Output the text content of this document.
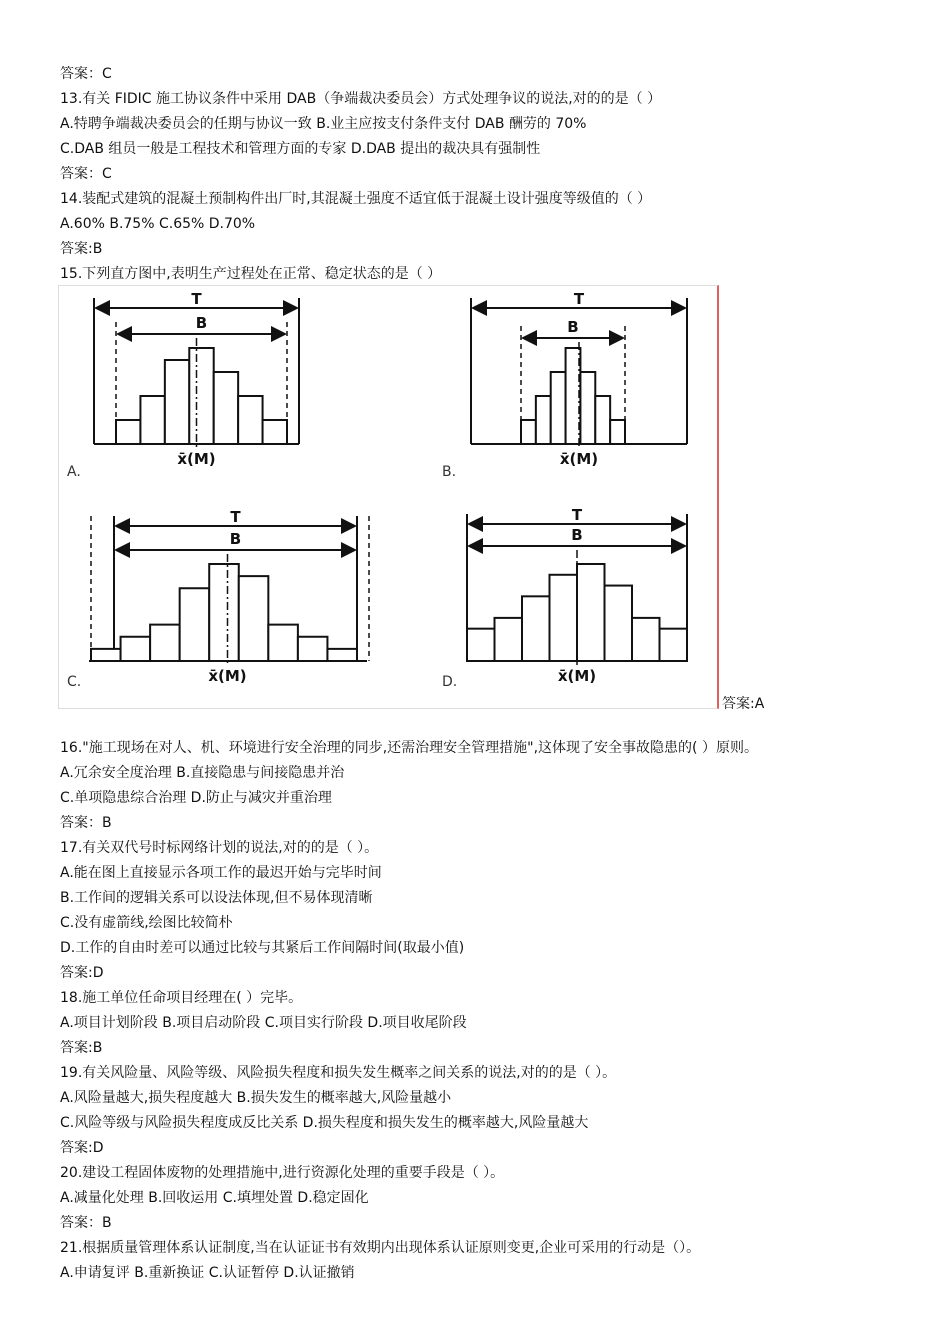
答案：C
13.有关 FIDIC 施工协议条件中采用 DAB（争端裁决委员会）方式处理争议的说法,对的的是（ ）
A.特聘争端裁决委员会的任期与协议一致 B.业主应按支付条件支付 DAB 酬劳的 70%
C.DAB 组员一般是工程技术和管理方面的专家 D.DAB 提出的裁决具有强制性
答案：C
14.装配式建筑的混凝土预制构件出厂时,其混凝土强度不适宜低于混凝土设计强度等级值的（ ）
A.60% B.75% C.65% D.70%
答案:B
15.下列直方图中,表明生产过程处在正常、稳定状态的是（ ）
T
B
x̄(M)
A.
T
B
x̄(M)
B.
T
B
x̄(M)
C.
T
B
x̄(M)
D.
答案:A
16."施工现场在对人、机、环境进行安全治理的同步,还需治理安全管理措施",这体现了安全事故隐患的( ）原则。
A.冗余安全度治理 B.直接隐患与间接隐患并治
C.单项隐患综合治理 D.防止与减灾并重治理
答案：B
17.有关双代号时标网络计划的说法,对的的是（ ）。
A.能在图上直接显示各项工作的最迟开始与完毕时间
B.工作间的逻辑关系可以设法体现,但不易体现清晰
C.没有虚箭线,绘图比较简朴
D.工作的自由时差可以通过比较与其紧后工作间隔时间(取最小值)
答案:D
18.施工单位任命项目经理在( ）完毕。
A.项目计划阶段 B.项目启动阶段 C.项目实行阶段 D.项目收尾阶段
答案:B
19.有关风险量、风险等级、风险损失程度和损失发生概率之间关系的说法,对的的是（ ）。
A.风险量越大,损失程度越大 B.损失发生的概率越大,风险量越小
C.风险等级与风险损失程度成反比关系 D.损失程度和损失发生的概率越大,风险量越大
答案:D
20.建设工程固体废物的处理措施中,进行资源化处理的重要手段是（ ）。
A.减量化处理 B.回收运用 C.填埋处置 D.稳定固化
答案：B
21.根据质量管理体系认证制度,当在认证证书有效期内出现体系认证原则变更,企业可采用的行动是（）。
A.申请复评 B.重新换证 C.认证暂停 D.认证撤销
